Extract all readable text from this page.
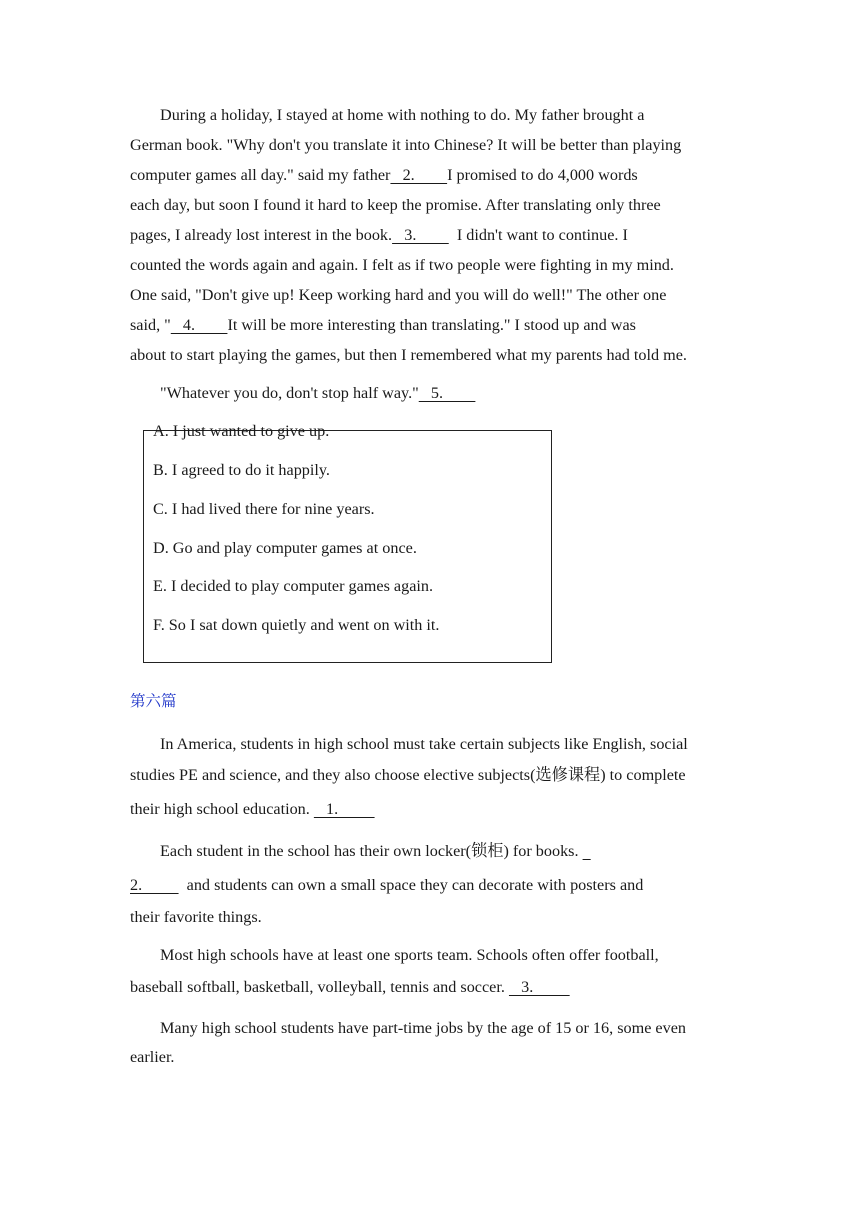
During a holiday, I stayed at home with nothing to do. My father brought a

German book. "Why don't you translate it into Chinese? It will be better than playing

computer games all day." said my father   2.        I promised to do 4,000 words

each day, but soon I found it hard to keep the promise. After translating only three

pages, I already lost interest in the book.   3.          I didn't want to continue. I

counted the words again and again. I felt as if two people were fighting in my mind.

One said, "Don't give up! Keep working hard and you will do well!" The other one

said, "   4.        It will be more interesting than translating." I stood up and was

about to start playing the games, but then I remembered what my parents had told me.

"Whatever you do, don't stop half way."   5.

A. I just wanted to give up.

B. I agreed to do it happily.

C. I had lived there for nine years.

D. Go and play computer games at once.

E. I decided to play computer games again.

F. So I sat down quietly and went on with it.

第六篇

In America, students in high school must take certain subjects like English, social

studies PE and science, and they also choose elective subjects(选修课程) to complete

their high school education.    1.

Each student in the school has their own locker(锁柜) for books.

2.           and students can own a small space they can decorate with posters and

their favorite things.

Most high schools have at least one sports team. Schools often offer football,

baseball softball, basketball, volleyball, tennis and soccer.    3.

Many high school students have part-time jobs by the age of 15 or 16, some even

earlier.
